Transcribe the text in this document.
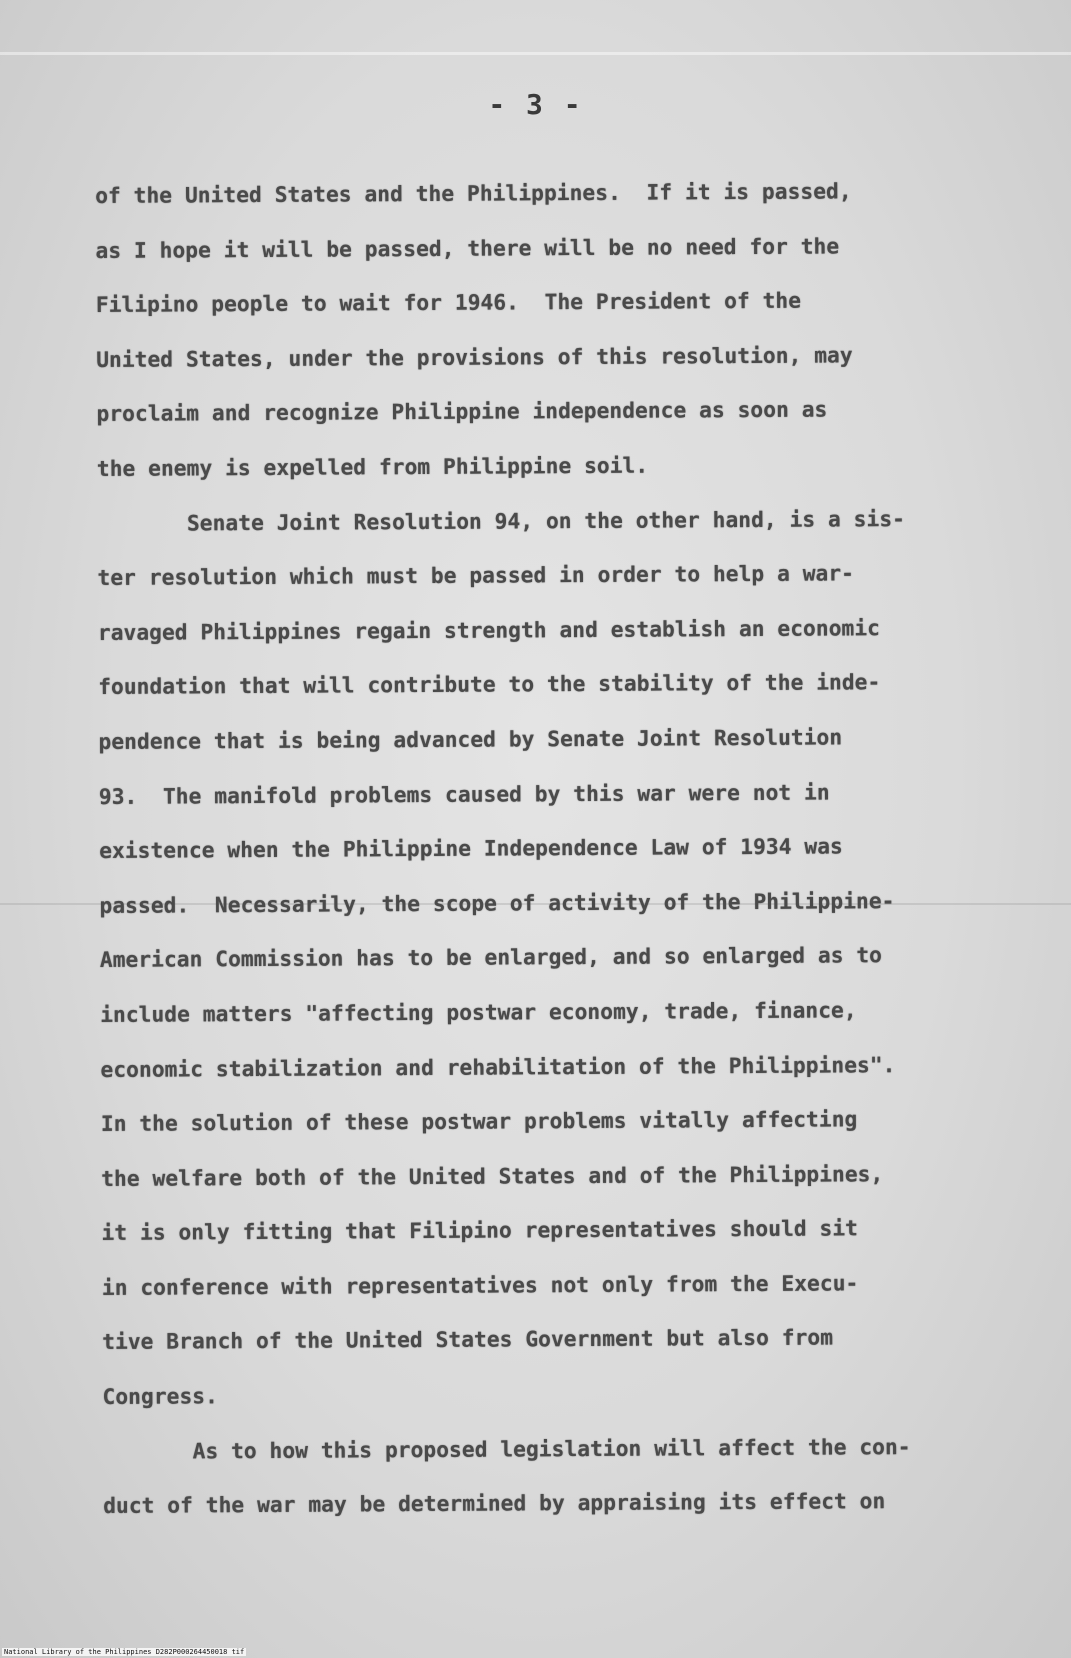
- 3 -
of the United States and the Philippines.  If it is passed,
as I hope it will be passed, there will be no need for the
Filipino people to wait for 1946.  The President of the
United States, under the provisions of this resolution, may
proclaim and recognize Philippine independence as soon as
the enemy is expelled from Philippine soil.
Senate Joint Resolution 94, on the other hand, is a sis-
ter resolution which must be passed in order to help a war-
ravaged Philippines regain strength and establish an economic
foundation that will contribute to the stability of the inde-
pendence that is being advanced by Senate Joint Resolution
93.  The manifold problems caused by this war were not in
existence when the Philippine Independence Law of 1934 was
passed.  Necessarily, the scope of activity of the Philippine-
American Commission has to be enlarged, and so enlarged as to
include matters "affecting postwar economy, trade, finance,
economic stabilization and rehabilitation of the Philippines".
In the solution of these postwar problems vitally affecting
the welfare both of the United States and of the Philippines,
it is only fitting that Filipino representatives should sit
in conference with representatives not only from the Execu-
tive Branch of the United States Government but also from
Congress.
As to how this proposed legislation will affect the con-
duct of the war may be determined by appraising its effect on
National Library of the Philippines D282P000264450018 tif
